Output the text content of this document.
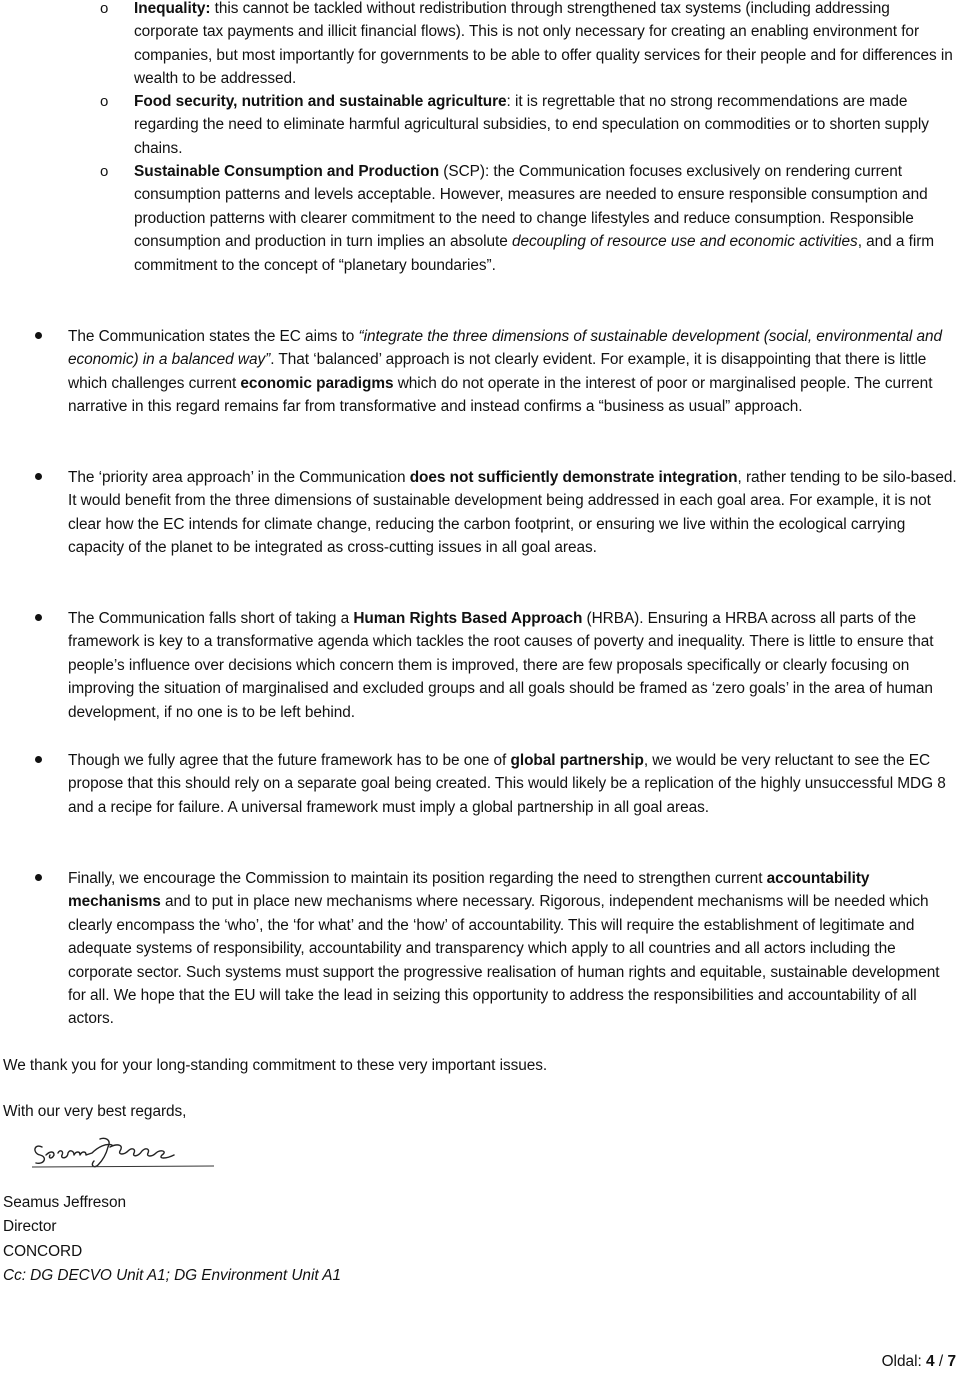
o Inequality: this cannot be tackled without redistribution through strengthened tax systems (including addressing corporate tax payments and illicit financial flows). This is not only necessary for creating an enabling environment for companies, but most importantly for governments to be able to offer quality services for their people and for differences in wealth to be addressed.

o Food security, nutrition and sustainable agriculture: it is regrettable that no strong recommendations are made regarding the need to eliminate harmful agricultural subsidies, to end speculation on commodities or to shorten supply chains.

o Sustainable Consumption and Production (SCP): the Communication focuses exclusively on rendering current consumption patterns and levels acceptable. However, measures are needed to ensure responsible consumption and production patterns with clearer commitment to the need to change lifestyles and reduce consumption. Responsible consumption and production in turn implies an absolute decoupling of resource use and economic activities, and a firm commitment to the concept of “planetary boundaries”.

The Communication states the EC aims to “integrate the three dimensions of sustainable development (social, environmental and economic) in a balanced way”. That ‘balanced’ approach is not clearly evident. For example, it is disappointing that there is little which challenges current economic paradigms which do not operate in the interest of poor or marginalised people. The current narrative in this regard remains far from transformative and instead confirms a “business as usual” approach.

The ‘priority area approach’ in the Communication does not sufficiently demonstrate integration, rather tending to be silo-based. It would benefit from the three dimensions of sustainable development being addressed in each goal area. For example, it is not clear how the EC intends for climate change, reducing the carbon footprint, or ensuring we live within the ecological carrying capacity of the planet to be integrated as cross-cutting issues in all goal areas.

The Communication falls short of taking a Human Rights Based Approach (HRBA). Ensuring a HRBA across all parts of the framework is key to a transformative agenda which tackles the root causes of poverty and inequality. There is little to ensure that people’s influence over decisions which concern them is improved, there are few proposals specifically or clearly focusing on improving the situation of marginalised and excluded groups and all goals should be framed as ‘zero goals’ in the area of human development, if no one is to be left behind.

Though we fully agree that the future framework has to be one of global partnership, we would be very reluctant to see the EC propose that this should rely on a separate goal being created. This would likely be a replication of the highly unsuccessful MDG 8 and a recipe for failure. A universal framework must imply a global partnership in all goal areas.

Finally, we encourage the Commission to maintain its position regarding the need to strengthen current accountability mechanisms and to put in place new mechanisms where necessary. Rigorous, independent mechanisms will be needed which clearly encompass the ‘who’, the ‘for what’ and the ‘how’ of accountability. This will require the establishment of legitimate and adequate systems of responsibility, accountability and transparency which apply to all countries and all actors including the corporate sector. Such systems must support the progressive realisation of human rights and equitable, sustainable development for all. We hope that the EU will take the lead in seizing this opportunity to address the responsibilities and accountability of all actors.

We thank you for your long-standing commitment to these very important issues.

With our very best regards,

Seamus Jeffreson

Director

CONCORD

Cc: DG DECVO Unit A1; DG Environment Unit A1

Oldal: 4 / 7
